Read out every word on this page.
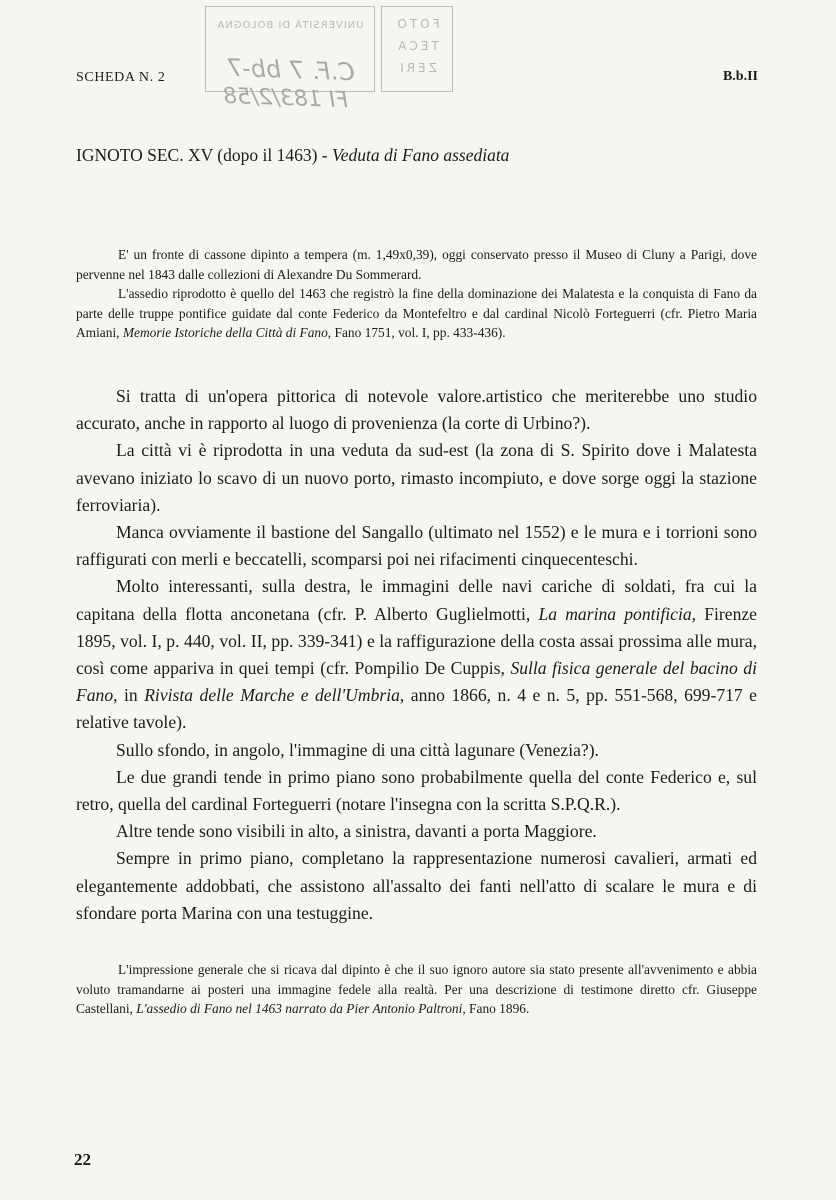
UNIVERSITÀ DI BOLOGNA	FOTO
TECA
ZERI
C.F. 7 bb-7
FI 183/2/58
SCHEDA N. 2	B.b.II
IGNOTO SEC. XV (dopo il 1463) - Veduta di Fano assediata

E' un fronte di cassone dipinto a tempera (m. 1,49x0,39), oggi conservato presso il Museo di Cluny a Parigi, dove pervenne nel 1843 dalle collezioni di Alexandre Du Sommerard.

L'assedio riprodotto è quello del 1463 che registrò la fine della dominazione dei Malatesta e la conquista di Fano da parte delle truppe pontifice guidate dal conte Federico da Montefeltro e dal cardinal Nicolò Forteguerri (cfr. Pietro Maria Amiani, Memorie Istoriche della Città di Fano, Fano 1751, vol. I, pp. 433-436).

Si tratta di un'opera pittorica di notevole valore.artistico che meriterebbe uno studio accurato, anche in rapporto al luogo di provenienza (la corte di Urbino?).

La città vi è riprodotta in una veduta da sud-est (la zona di S. Spirito dove i Malatesta avevano iniziato lo scavo di un nuovo porto, rimasto incompiuto, e dove sorge oggi la stazione ferroviaria).

Manca ovviamente il bastione del Sangallo (ultimato nel 1552) e le mura e i torrioni sono raffigurati con merli e beccatelli, scomparsi poi nei rifacimenti cinquecenteschi.

Molto interessanti, sulla destra, le immagini delle navi cariche di soldati, fra cui la capitana della flotta anconetana (cfr. P. Alberto Guglielmotti, La marina pontificia, Firenze 1895, vol. I, p. 440, vol. II, pp. 339-341) e la raffigurazione della costa assai prossima alle mura, così come appariva in quei tempi (cfr. Pompilio De Cuppis, Sulla fisica generale del bacino di Fano, in Rivista delle Marche e dell'Umbria, anno 1866, n. 4 e n. 5, pp. 551-568, 699-717 e relative tavole).

Sullo sfondo, in angolo, l'immagine di una città lagunare (Venezia?).

Le due grandi tende in primo piano sono probabilmente quella del conte Federico e, sul retro, quella del cardinal Forteguerri (notare l'insegna con la scritta S.P.Q.R.).

Altre tende sono visibili in alto, a sinistra, davanti a porta Maggiore.

Sempre in primo piano, completano la rappresentazione numerosi cavalieri, armati ed elegantemente addobbati, che assistono all'assalto dei fanti nell'atto di scalare le mura e di sfondare porta Marina con una testuggine.

L'impressione generale che si ricava dal dipinto è che il suo ignoro autore sia stato presente all'avvenimento e abbia voluto tramandarne ai posteri una immagine fedele alla realtà. Per una descrizione di testimone diretto cfr. Giuseppe Castellani, L'assedio di Fano nel 1463 narrato da Pier Antonio Paltroni, Fano 1896.

22
